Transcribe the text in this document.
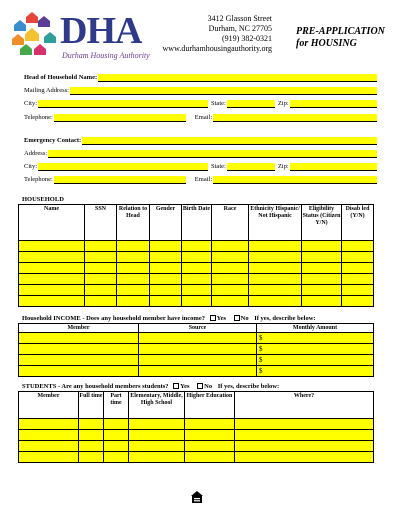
DHA
Durham Housing Authority
3412 Glasson Street
Durham, NC 27705
(919) 382-0321
www.durhamhousingauthority.org
PRE-APPLICATION
for HOUSING
Head of Household Name:
Mailing Address:
City:	State:	Zip:
Telephone:	Email:
Emergency Contact:
Address:
City:	State:	Zip:
Telephone:	Email:
HOUSEHOLD
Name	SSN	Relation to Head	Gender	Birth Date	Race	Ethnicity Hispanic/ Not Hispanic	Eligibility Status (Citizen Y/N)	Disab led (Y/N)

Household INCOME - Does any household member have income? Yes No If yes, describe below:
Member	Source	Monthly Amount
		$
		$
		$
		$
STUDENTS - Are any household members students? Yes No If yes, describe below:
Member	Full time	Part time	Elementary, Middle, High School	Higher Education	Where?
